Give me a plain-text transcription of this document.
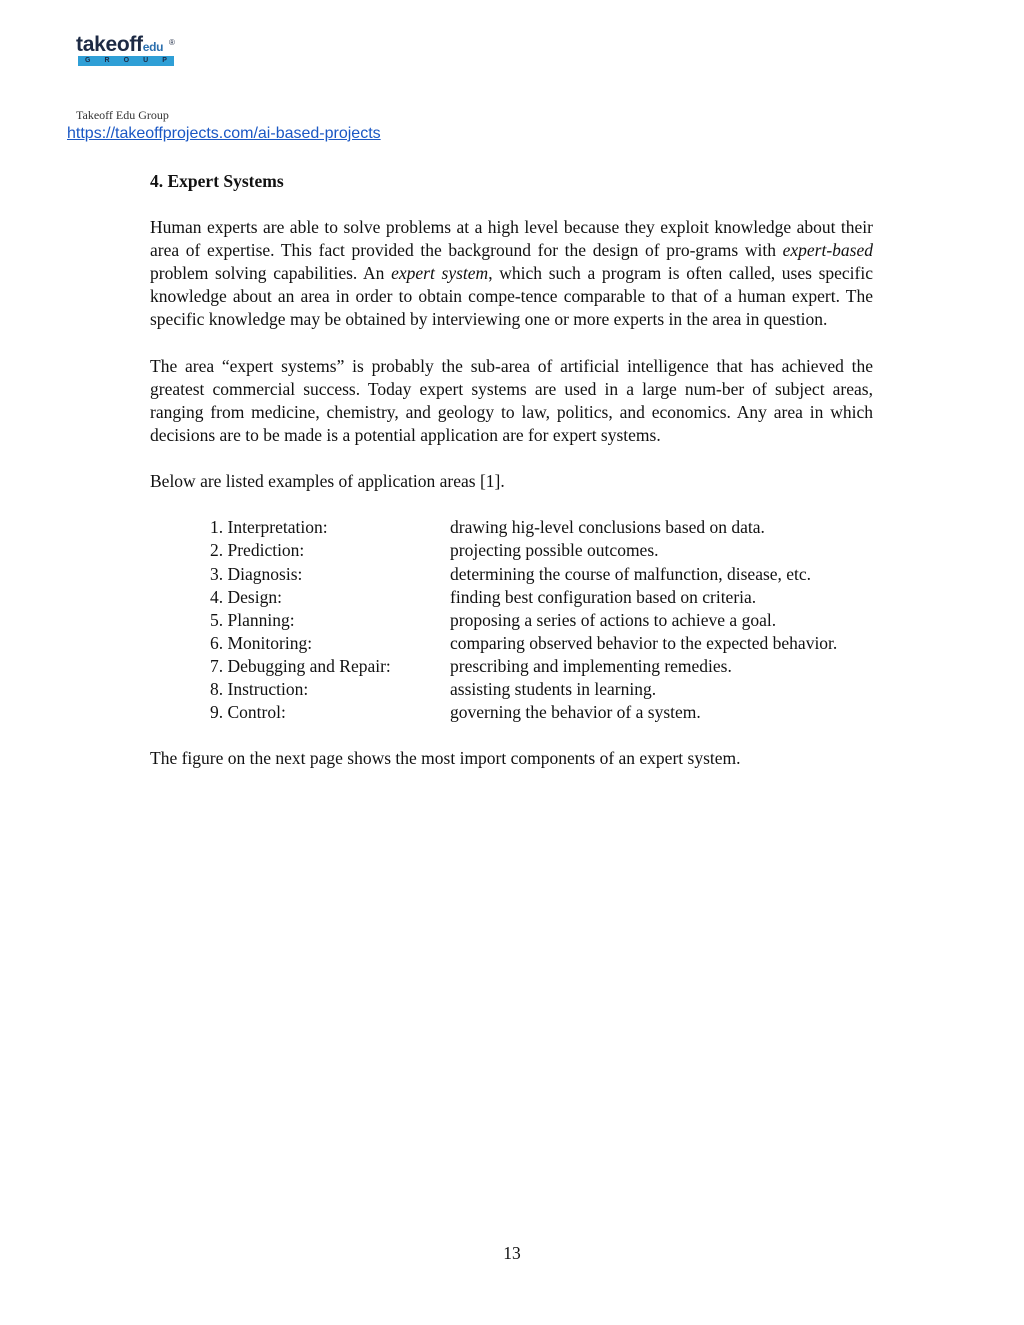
takeoffedu ®
G R O U P
Takeoff Edu Group
https://takeoffprojects.com/ai-based-projects
4. Expert Systems

Human experts are able to solve problems at a high level because they exploit knowledge about their area of expertise. This fact provided the background for the design of pro-grams with expert-based problem solving capabilities. An expert system, which such a program is often called, uses specific knowledge about an area in order to obtain compe-tence comparable to that of a human expert. The specific knowledge may be obtained by interviewing one or more experts in the area in question.

The area “expert systems” is probably the sub-area of artificial intelligence that has achieved the greatest commercial success. Today expert systems are used in a large num-ber of subject areas, ranging from medicine, chemistry, and geology to law, politics, and economics. Any area in which decisions are to be made is a potential application are for expert systems.

Below are listed examples of application areas [1].

1. Interpretation:	drawing hig-level conclusions based on data.
2. Prediction:	projecting possible outcomes.
3. Diagnosis:	determining the course of malfunction, disease, etc.
4. Design:	finding best configuration based on criteria.
5. Planning:	proposing a series of actions to achieve a goal.
6. Monitoring:	comparing observed behavior to the expected behavior.
7. Debugging and Repair:	prescribing and implementing remedies.
8. Instruction:	assisting students in learning.
9. Control:	governing the behavior of a system.

The figure on the next page shows the most import components of an expert system.

13
